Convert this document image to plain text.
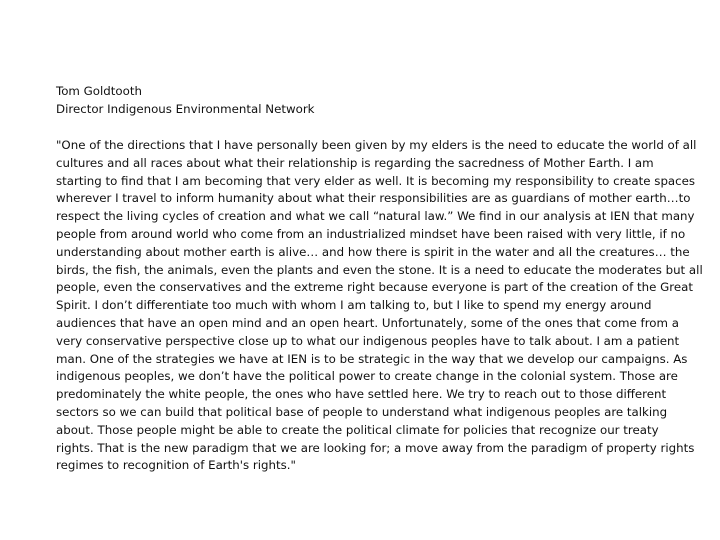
Tom Goldtooth

Director Indigenous Environmental Network

"One of the directions that I have personally been given by my elders is the need to educate the world of all
cultures and all races about what their relationship is regarding the sacredness of Mother Earth. I am
starting to find that I am becoming that very elder as well. It is becoming my responsibility to create spaces
wherever I travel to inform humanity about what their responsibilities are as guardians of mother earth…to
respect the living cycles of creation and what we call “natural law.” We find in our analysis at IEN that many
people from around world who come from an industrialized mindset have been raised with very little, if no
understanding about mother earth is alive… and how there is spirit in the water and all the creatures… the
birds, the fish, the animals, even the plants and even the stone. It is a need to educate the moderates but all
people, even the conservatives and the extreme right because everyone is part of the creation of the Great
Spirit. I don’t differentiate too much with whom I am talking to, but I like to spend my energy around
audiences that have an open mind and an open heart. Unfortunately, some of the ones that come from a
very conservative perspective close up to what our indigenous peoples have to talk about. I am a patient
man. One of the strategies we have at IEN is to be strategic in the way that we develop our campaigns. As
indigenous peoples, we don’t have the political power to create change in the colonial system. Those are
predominately the white people, the ones who have settled here. We try to reach out to those different
sectors so we can build that political base of people to understand what indigenous peoples are talking
about. Those people might be able to create the political climate for policies that recognize our treaty
rights. That is the new paradigm that we are looking for; a move away from the paradigm of property rights
regimes to recognition of Earth's rights."
